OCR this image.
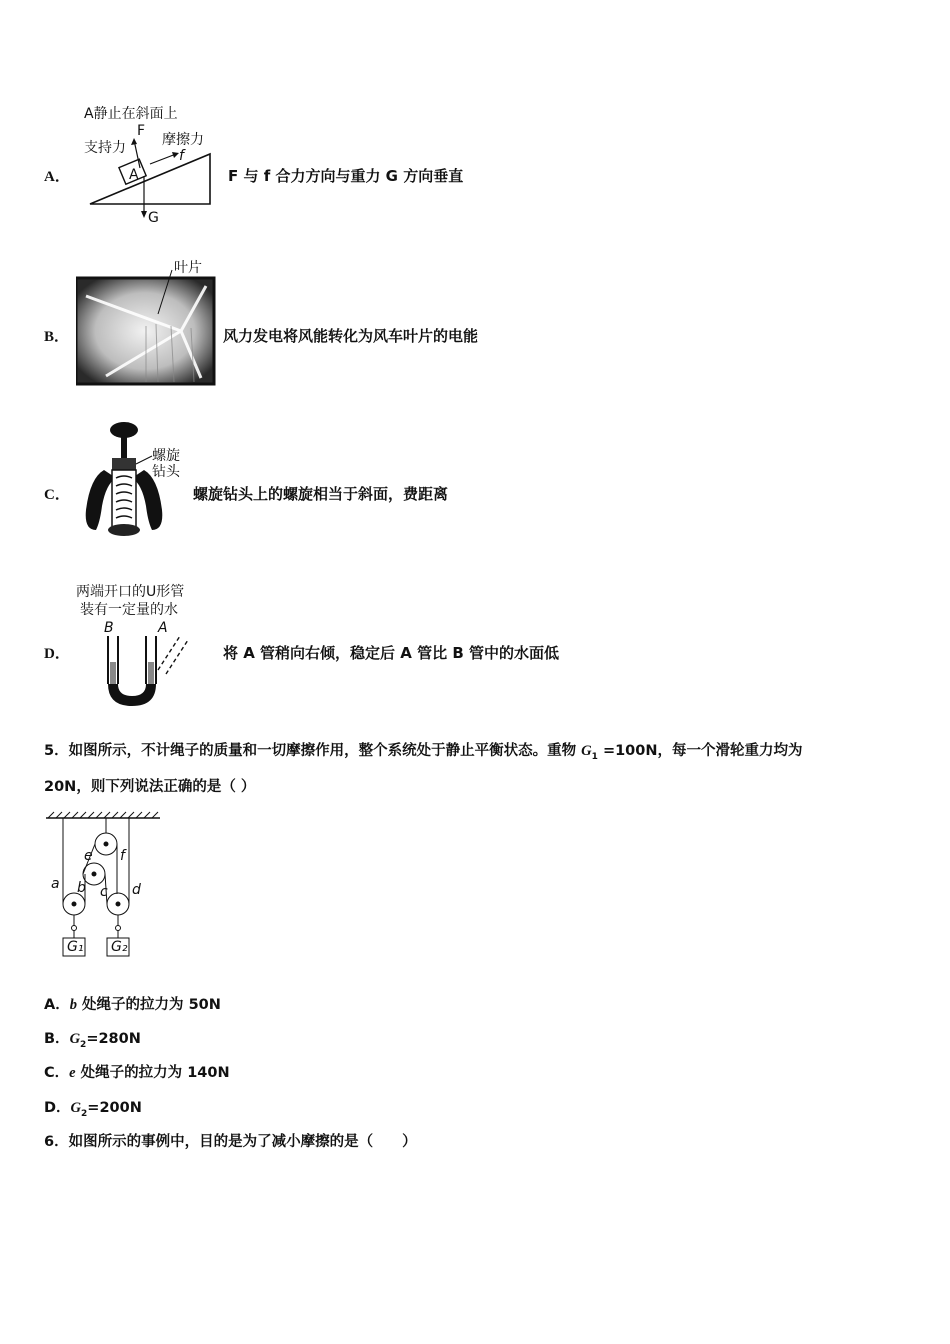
A．
A静止在斜面上
支持力	摩擦力
F
f
A
G
F 与 f 合力方向与重力 G 方向垂直
B．
叶片
风力发电将风能转化为风车叶片的电能
C．
螺旋
钻头
螺旋钻头上的螺旋相当于斜面，费距离
D．
两端开口的U形管
装有一定量的水
B	A
将 A 管稍向右倾，稳定后 A 管比 B 管中的水面低
5．如图所示，不计绳子的质量和一切摩擦作用，整个系统处于静止平衡状态。重物 $G_1 =100N$，每一个滑轮重力均为
20N，则下列说法正确的是（ ）
a b c d
e f
G₁ G₂
A．b 处绳子的拉力为 50N
B．$G_2=280N$
C．e 处绳子的拉力为 140N
D．$G_2=200N$
6．如图所示的事例中，目的是为了减小摩擦的是（　　）
